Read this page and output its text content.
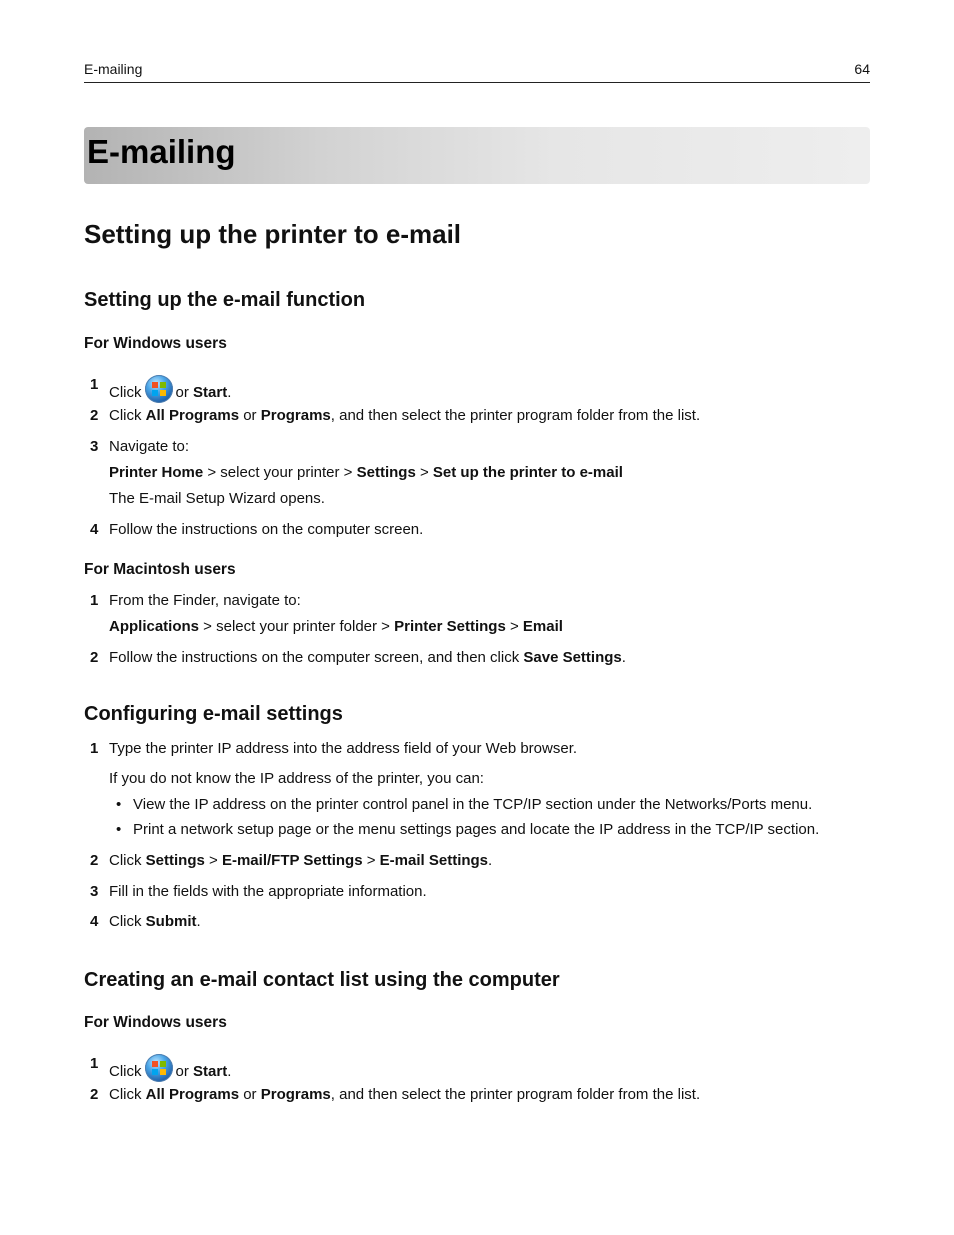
E-mailing	64
E-mailing
Setting up the printer to e-mail
Setting up the e-mail function
For Windows users
1 Click or Start.
2 Click All Programs or Programs, and then select the printer program folder from the list.
3 Navigate to:
Printer Home > select your printer > Settings > Set up the printer to e-mail
The E-mail Setup Wizard opens.
4 Follow the instructions on the computer screen.
For Macintosh users
1 From the Finder, navigate to:
Applications > select your printer folder > Printer Settings > Email
2 Follow the instructions on the computer screen, and then click Save Settings.
Configuring e-mail settings
1 Type the printer IP address into the address field of your Web browser.
If you do not know the IP address of the printer, you can:
• View the IP address on the printer control panel in the TCP/IP section under the Networks/Ports menu.
• Print a network setup page or the menu settings pages and locate the IP address in the TCP/IP section.
2 Click Settings > E-mail/FTP Settings > E-mail Settings.
3 Fill in the fields with the appropriate information.
4 Click Submit.
Creating an e-mail contact list using the computer
For Windows users
1 Click or Start.
2 Click All Programs or Programs, and then select the printer program folder from the list.
